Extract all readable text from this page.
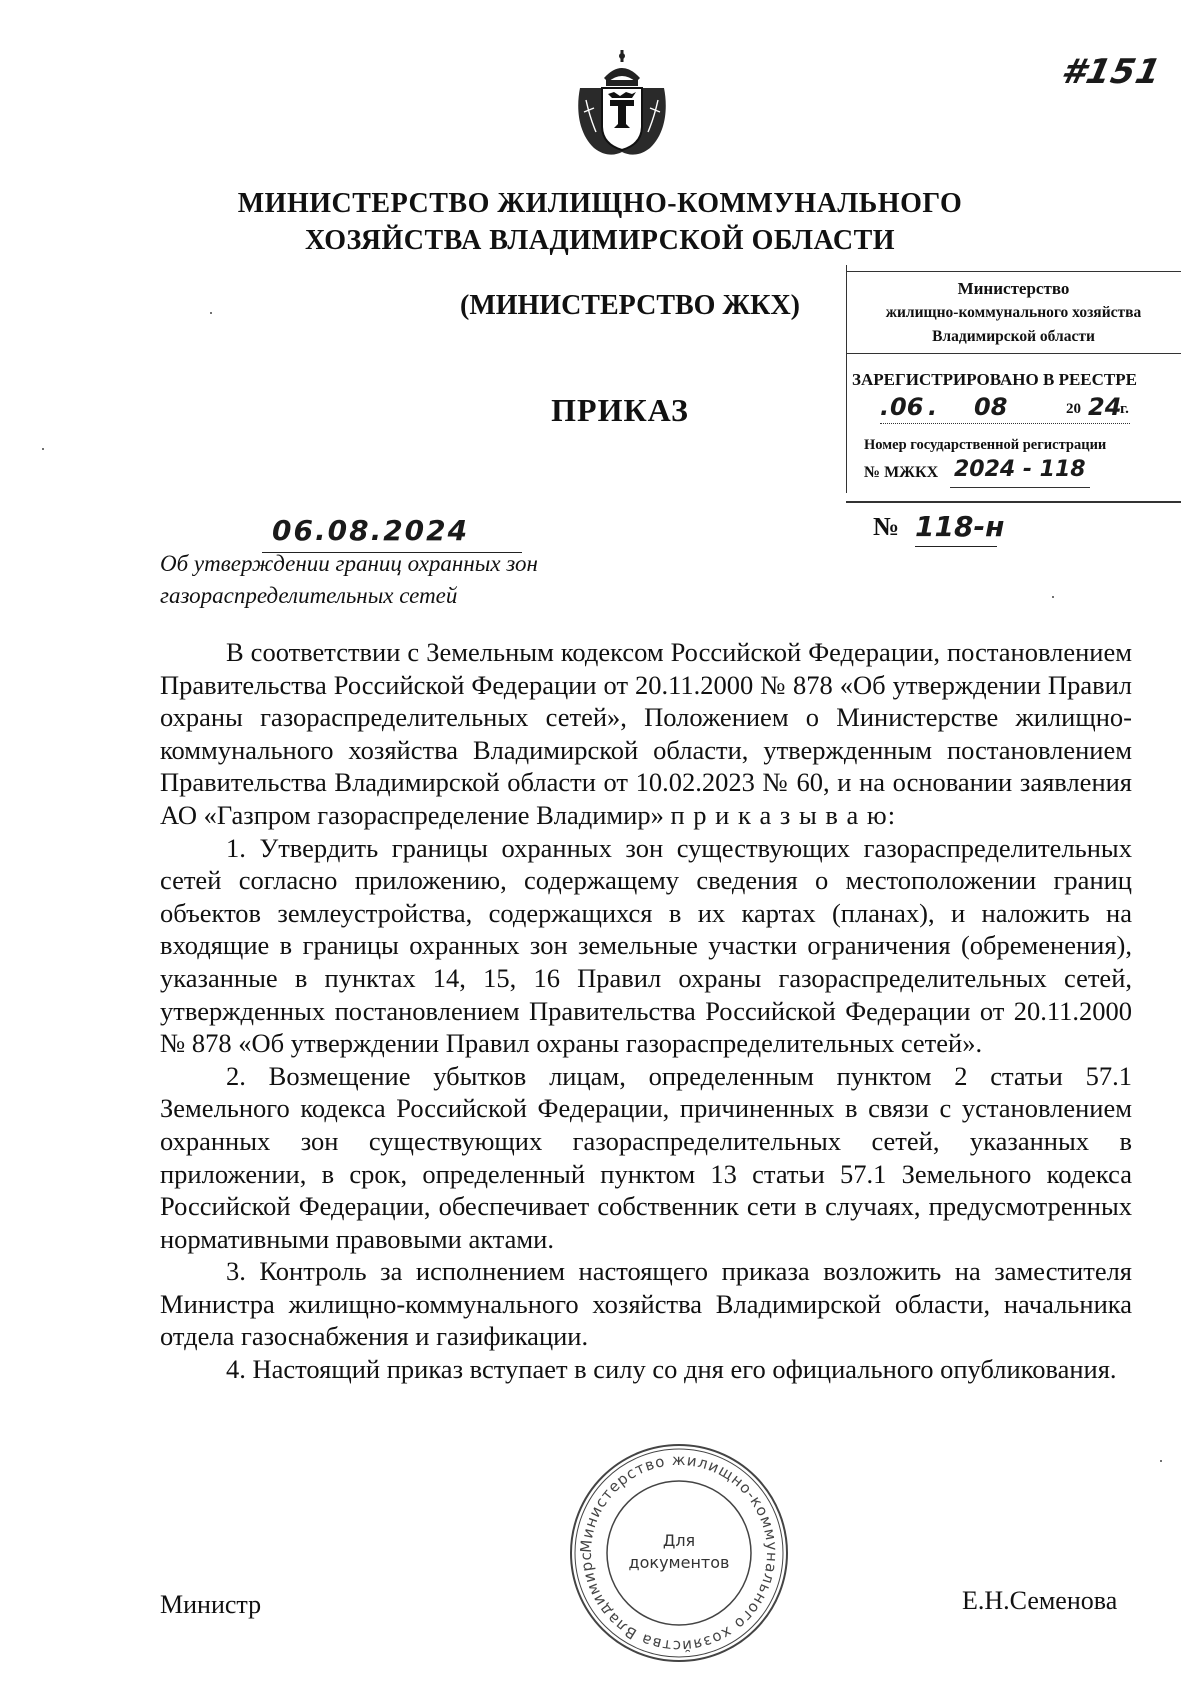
#151
МИНИСТЕРСТВО ЖИЛИЩНО-КОММУНАЛЬНОГО
ХОЗЯЙСТВА ВЛАДИМИРСКОЙ ОБЛАСТИ
(МИНИСТЕРСТВО ЖКХ)
ПРИКАЗ
Министерство
жилищно-коммунального хозяйства
Владимирской области
ЗАРЕГИСТРИРОВАНО В РЕЕСТРЕ
. 06 . 08	20 24
г.
Номер государственной регистрации
№ МЖКХ 2024 - 118
06.08.2024	№ 118-н
Об утверждении границ охранных зон
газораспределительных сетей

В соответствии с Земельным кодексом Российской Федерации, постановлением Правительства Российской Федерации от 20.11.2000 № 878 «Об утверждении Правил охраны газораспределительных сетей», Положением о Министерстве жилищно-коммунального хозяйства Владимирской области, утвержденным постановлением Правительства Владимирской области от 10.02.2023 № 60, и на основании заявления АО «Газпром газораспределение Владимир» п р и к а з ы в а ю:

1. Утвердить границы охранных зон существующих газораспределительных сетей согласно приложению, содержащему сведения о местоположении границ объектов землеустройства, содержащихся в их картах (планах), и наложить на входящие в границы охранных зон земельные участки ограничения (обременения), указанные в пунктах 14, 15, 16 Правил охраны газораспределительных сетей, утвержденных постановлением Правительства Российской Федерации от 20.11.2000 № 878 «Об утверждении Правил охраны газораспределительных сетей».

2. Возмещение убытков лицам, определенным пунктом 2 статьи 57.1 Земельного кодекса Российской Федерации, причиненных в связи с установлением охранных зон существующих газораспределительных сетей, указанных в приложении, в срок, определенный пунктом 13 статьи 57.1 Земельного кодекса Российской Федерации, обеспечивает собственник сети в случаях, предусмотренных нормативными правовыми актами.

3. Контроль за исполнением настоящего приказа возложить на заместителя Министра жилищно-коммунального хозяйства Владимирской области, начальника отдела газоснабжения и газификации.

4. Настоящий приказ вступает в силу со дня его официального опубликования.

Министерство жилищно-коммунального хозяйства Владимирс
Для
документов
Министр	Е.Н.Семенова
